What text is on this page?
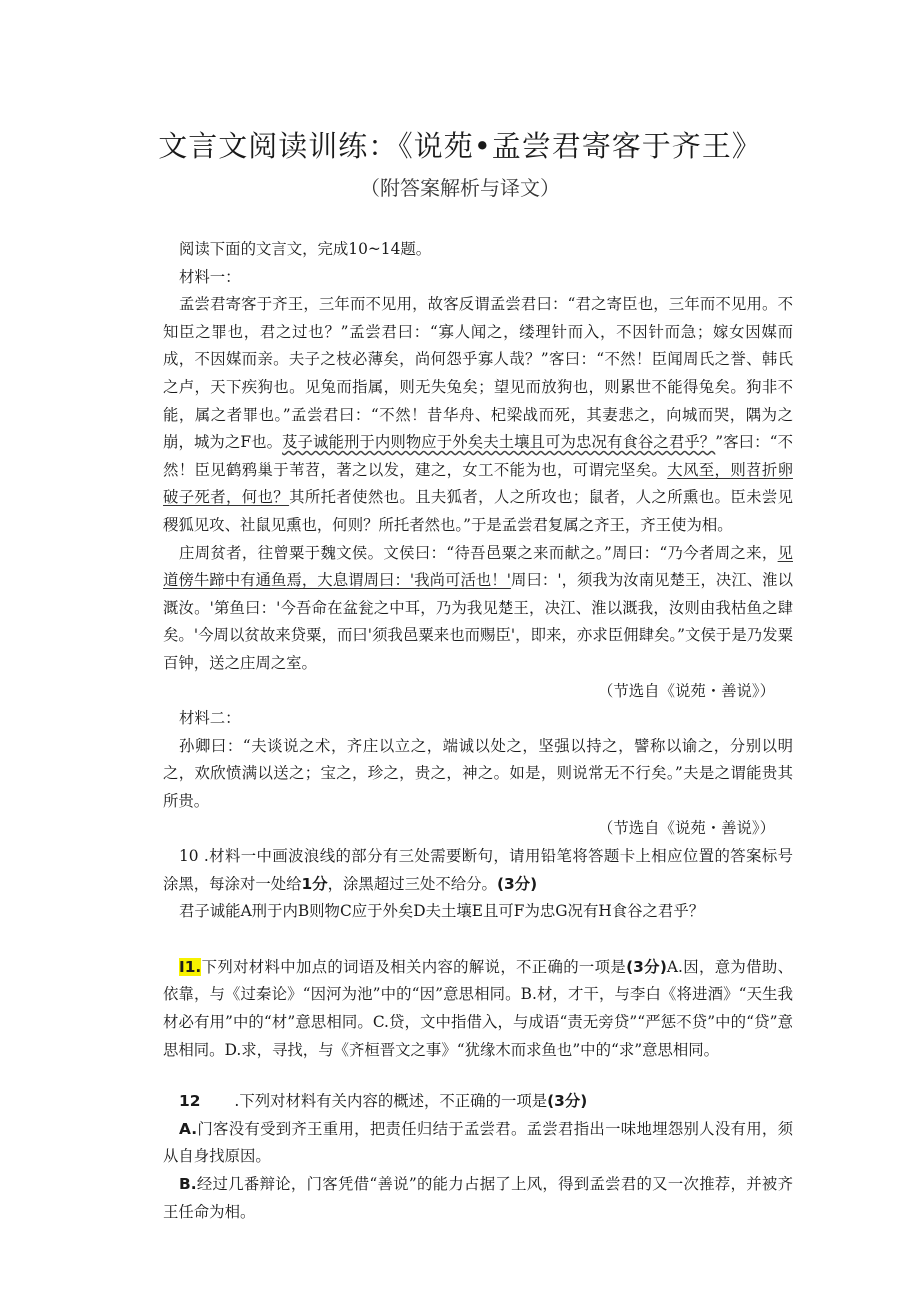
文言文阅读训练：《说苑•孟尝君寄客于齐王》
（附答案解析与译文）

阅读下面的文言文，完成10~14题。

材料一：

孟尝君寄客于齐王，三年而不见用，故客反谓孟尝君曰：“君之寄臣也，三年而不见用。不知臣之罪也，君之过也？”孟尝君曰：“寡人闻之，缕理针而入，不因针而急；嫁女因媒而成，不因媒而亲。夫子之枝必薄矣，尚何怨乎寡人哉？”客曰：“不然！臣闻周氏之誉、韩氏之卢，天下疾狗也。见兔而指属，则无失兔矣；望见而放狗也，则累世不能得兔矣。狗非不能，属之者罪也。”孟尝君曰：“不然！昔华舟、杞梁战而死，其妻悲之，向城而哭，隅为之崩，城为之F也。芨子诚能刑于内则物应于外矣夫土壤且可为忠况有食谷之君乎？”客曰：“不然！臣见鹤鸦巢于苇苕，著之以发，建之，女工不能为也，可谓完坚矣。大风至，则苕折卵破子死者，何也？其所托者使然也。且夫狐者，人之所攻也；鼠者，人之所熏也。臣未尝见稷狐见攻、社鼠见熏也，何则？所托者然也。”于是孟尝君复属之齐王，齐王使为相。

庄周贫者，往曾粟于魏文侯。文侯曰：“待吾邑粟之来而献之。”周曰：“乃今者周之来，见道傍牛蹄中有通鱼焉，大息谓周曰：'我尚可活也！'周曰：'，须我为汝南见楚王，决江、淮以溉汝。'第鱼曰：'今吾命在盆瓮之中耳，乃为我见楚王，决江、淮以溉我，汝则由我枯鱼之肆矣。'今周以贫故来贷粟，而曰'须我邑粟来也而赐臣'，即来，亦求臣佣肆矣。”文侯于是乃发粟百钟，送之庄周之室。

（节选自《说苑・善说》）

材料二：

孙卿曰：“夫谈说之术，齐庄以立之，端诚以处之，坚强以持之，譬称以谕之，分别以明之，欢欣愤满以送之；宝之，珍之，贵之，神之。如是，则说常无不行矣。”夫是之谓能贵其所贵。

（节选自《说苑・善说》）

10 .材料一中画波浪线的部分有三处需要断句，请用铅笔将答题卡上相应位置的答案标号涂黑，每涂对一处给1分，涂黑超过三处不给分。(3分)

君子诚能A刑于内B则物C应于外矣D夫土壤E且可F为忠G况有H食谷之君乎？

I1.下列对材料中加点的词语及相关内容的解说，不正确的一项是(3分)A.因，意为借助、依靠，与《过秦论》“因河为池”中的“因”意思相同。B.材，才干，与李白《将进酒》“天生我材必有用”中的“材”意思相同。C.贷，文中指借入，与成语“责无旁贷”“严惩不贷”中的“贷”意思相同。D.求，寻找，与《齐桓晋文之事》“犹缘木而求鱼也”中的“求”意思相同。

12 .下列对材料有关内容的概述，不正确的一项是(3分)

A.门客没有受到齐王重用，把责任归结于孟尝君。孟尝君指出一味地埋怨别人没有用，须从自身找原因。

B.经过几番辩论，门客凭借“善说”的能力占据了上风，得到孟尝君的又一次推荐，并被齐王任命为相。
